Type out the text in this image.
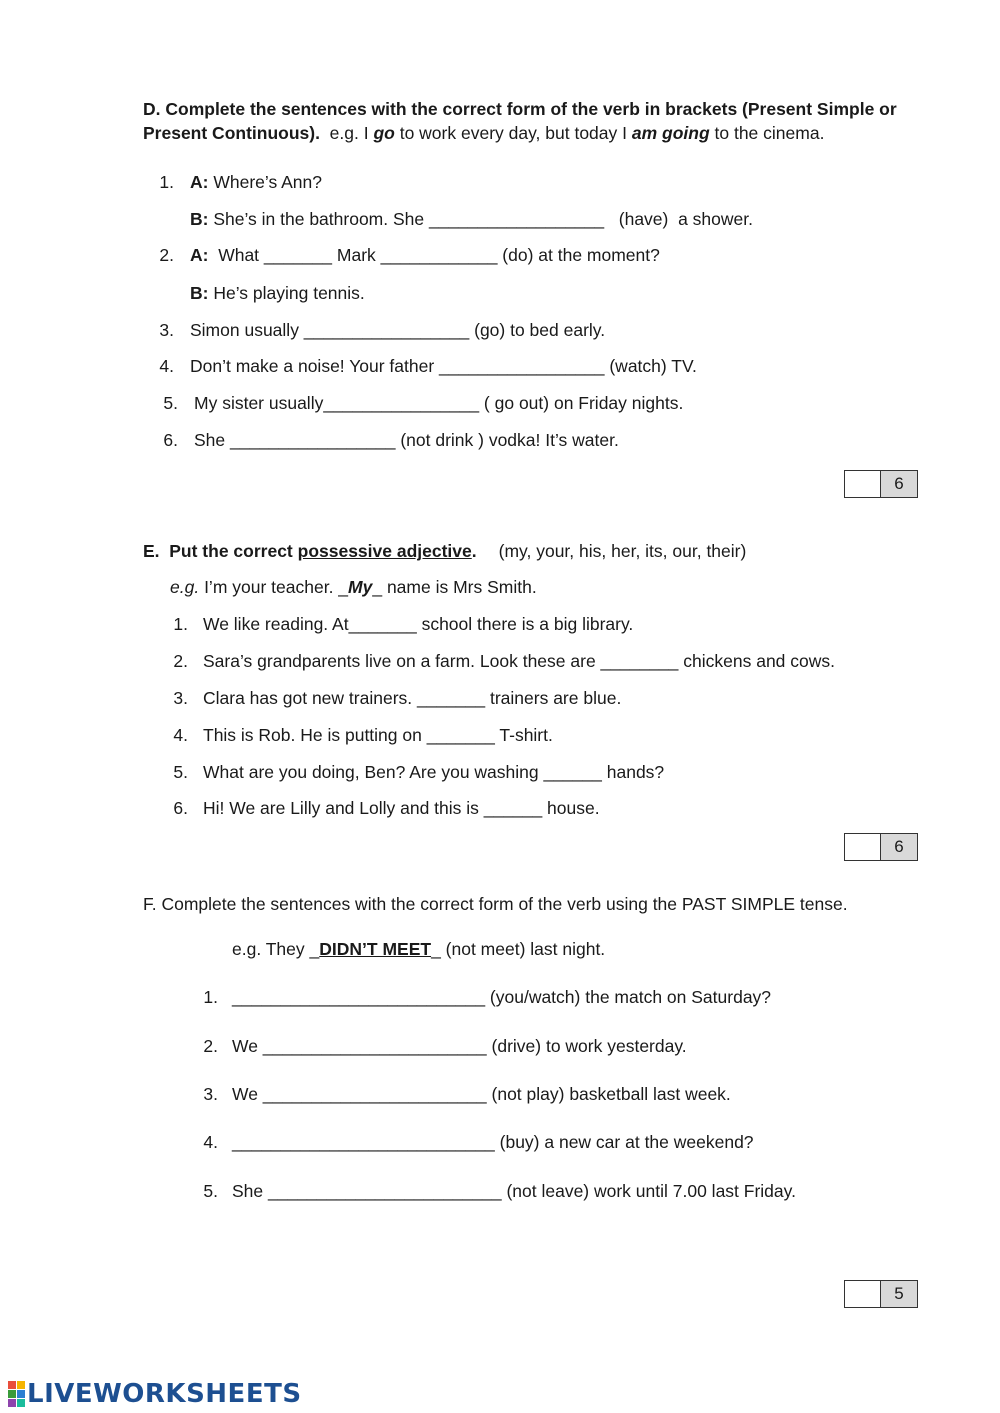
D. Complete the sentences with the correct form of the verb in brackets (Present Simple or
Present Continuous).  e.g. I go to work every day, but today I am going to the cinema.
1. A: Where’s Ann?
B: She’s in the bathroom. She __________________   (have)  a shower.
2. A:  What _______ Mark ____________ (do) at the moment?
B: He’s playing tennis.
3. Simon usually _________________ (go) to bed early.
4. Don’t make a noise! Your father _________________ (watch) TV.
5. My sister usually________________ ( go out) on Friday nights.
6. She _________________ (not drink ) vodka! It’s water.
6
E.  Put the correct possessive adjective. (my, your, his, her, its, our, their)
e.g. I’m your teacher. _My_ name is Mrs Smith.
1. We like reading. At_______ school there is a big library.
2. Sara’s grandparents live on a farm. Look these are ________ chickens and cows.
3. Clara has got new trainers. _______ trainers are blue.
4. This is Rob. He is putting on _______ T-shirt.
5. What are you doing, Ben? Are you washing ______ hands?
6. Hi! We are Lilly and Lolly and this is ______ house.
6
F. Complete the sentences with the correct form of the verb using the PAST SIMPLE tense.
e.g. They _DIDN’T MEET_ (not meet) last night.
1. __________________________ (you/watch) the match on Saturday?
2. We _______________________ (drive) to work yesterday.
3. We _______________________ (not play) basketball last week.
4. ___________________________ (buy) a new car at the weekend?
5. She ________________________ (not leave) work until 7.00 last Friday.
5
LIVEWORKSHEETS
